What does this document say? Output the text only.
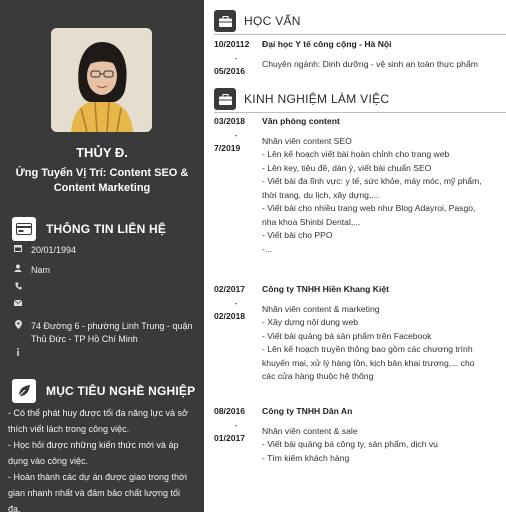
THỦY Đ.
Ứng Tuyển Vị Trí: Content SEO &
Content Marketing
THÔNG TIN LIÊN HỆ
20/01/1994
Nam
74 Đường 6 - phường Linh Trung - quận
Thủ Đức - TP Hồ Chí Minh
MỤC TIÊU NGHỀ NGHIỆP
- Có thể phát huy được tối đa năng lực và sở
thích viết lách trong công việc.
- Học hỏi được những kiến thức mới và áp
dụng vào công việc.
- Hoàn thành các dự án được giao trong thời
gian nhanh nhất và đảm bảo chất lượng tối
đa.
HỌC VẤN
10/20112
-
05/2016
Đại học Y tế công cộng - Hà Nội
Chuyên ngành: Dinh dưỡng - vệ sinh an toàn thực phẩm
KINH NGHIỆM LÀM VIỆC
03/2018
-
7/2019
Văn phòng content
Nhân viên content SEO
- Lên kế hoạch viết bài hoàn chỉnh cho trang web
- Lên key, tiêu đề, dàn ý, viết bài chuẩn SEO
- Viết bài đa lĩnh vực: y tế, sức khỏe, máy móc, mỹ phẩm,
thời trang, du lịch, xây dựng,...
- Viết bài cho nhiều trang web như Blog Adayroi, Pasgo,
nha khoa Shinbi Dental,...
- Viết bài cho PPO
-...
02/2017
-
02/2018
Công ty TNHH Hiền Khang Kiệt
Nhân viên content & marketing
- Xây dựng nội dung web
- Viết bài quảng bá sản phẩm trên Facebook
- Lên kế hoạch truyền thông bao gồm các chương trình
khuyến mại, xử lý hàng tồn, kịch bản khai trương,... cho
các cửa hàng thuộc hệ thống
08/2016
-
01/2017
Công ty TNHH Dân An
Nhân viên content & sale
- Viết bài quảng bá công ty, sản phẩm, dịch vụ
- Tìm kiếm khách hàng
